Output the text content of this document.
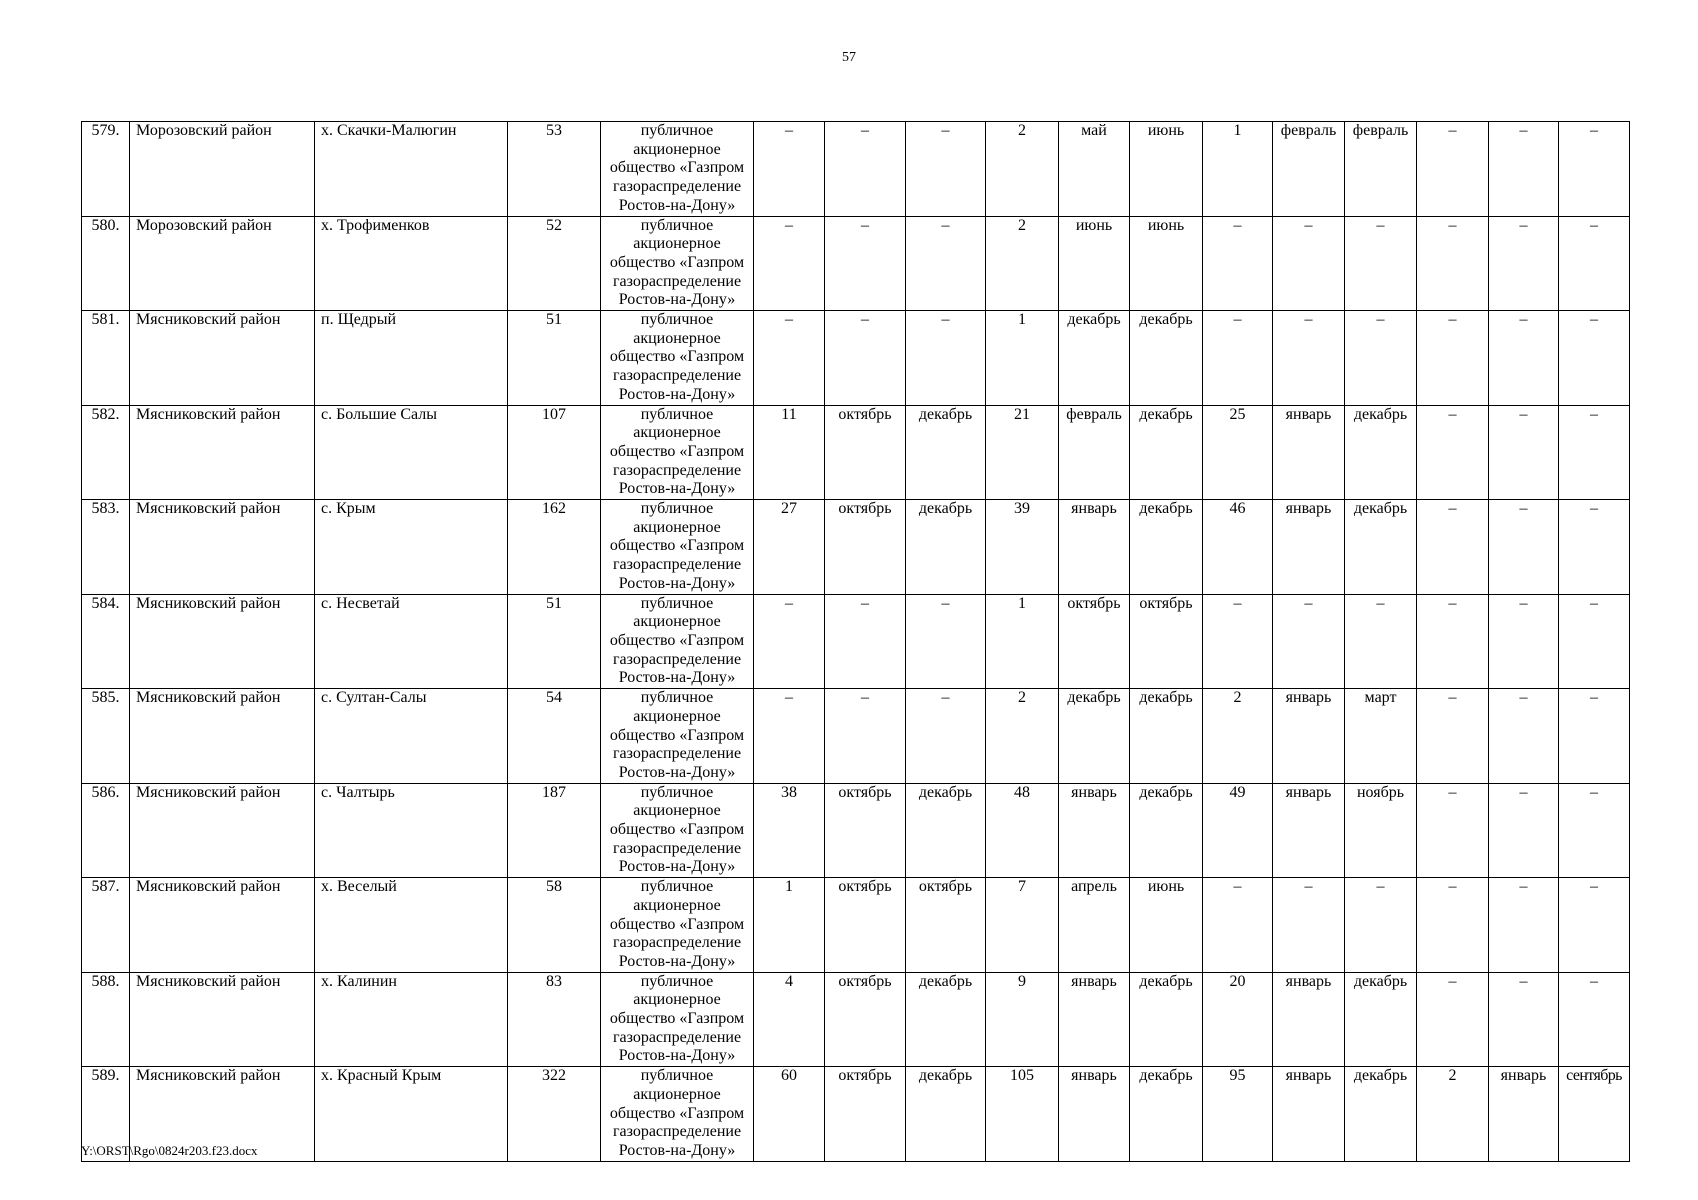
57
579.	Морозовский район	х. Скачки-Малюгин	53	публичное
акционерное
общество «Газпром
газораспределение
Ростов-на-Дону»	–	–	–	2	май	июнь	1	февраль	февраль	–	–	–
580.	Морозовский район	х. Трофименков	52	публичное
акционерное
общество «Газпром
газораспределение
Ростов-на-Дону»	–	–	–	2	июнь	июнь	–	–	–	–	–	–
581.	Мясниковский район	п. Щедрый	51	публичное
акционерное
общество «Газпром
газораспределение
Ростов-на-Дону»	–	–	–	1	декабрь	декабрь	–	–	–	–	–	–
582.	Мясниковский район	с. Большие Салы	107	публичное
акционерное
общество «Газпром
газораспределение
Ростов-на-Дону»	11	октябрь	декабрь	21	февраль	декабрь	25	январь	декабрь	–	–	–
583.	Мясниковский район	с. Крым	162	публичное
акционерное
общество «Газпром
газораспределение
Ростов-на-Дону»	27	октябрь	декабрь	39	январь	декабрь	46	январь	декабрь	–	–	–
584.	Мясниковский район	с. Несветай	51	публичное
акционерное
общество «Газпром
газораспределение
Ростов-на-Дону»	–	–	–	1	октябрь	октябрь	–	–	–	–	–	–
585.	Мясниковский район	с. Султан-Салы	54	публичное
акционерное
общество «Газпром
газораспределение
Ростов-на-Дону»	–	–	–	2	декабрь	декабрь	2	январь	март	–	–	–
586.	Мясниковский район	с. Чалтырь	187	публичное
акционерное
общество «Газпром
газораспределение
Ростов-на-Дону»	38	октябрь	декабрь	48	январь	декабрь	49	январь	ноябрь	–	–	–
587.	Мясниковский район	х. Веселый	58	публичное
акционерное
общество «Газпром
газораспределение
Ростов-на-Дону»	1	октябрь	октябрь	7	апрель	июнь	–	–	–	–	–	–
588.	Мясниковский район	х. Калинин	83	публичное
акционерное
общество «Газпром
газораспределение
Ростов-на-Дону»	4	октябрь	декабрь	9	январь	декабрь	20	январь	декабрь	–	–	–
589.	Мясниковский район	х. Красный Крым	322	публичное
акционерное
общество «Газпром
газораспределение
Ростов-на-Дону»	60	октябрь	декабрь	105	январь	декабрь	95	январь	декабрь	2	январь	сентябрь
Y:\ORST\Rgo\0824r203.f23.docx
